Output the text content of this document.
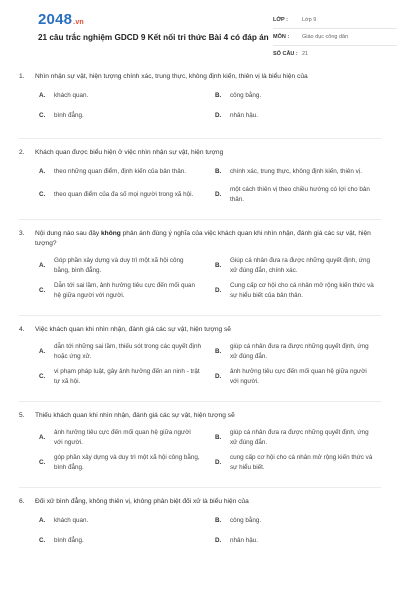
2048.vn
21 câu trắc nghiệm GDCD 9 Kết nối tri thức Bài 4 có đáp án
LỚP :	Lớp 9
MÔN :	Giáo dục công dân
SỐ CÂU : 21
1.	Nhìn nhận sự vật, hiện tượng chính xác, trung thực, không định kiến, thiên vị là biểu hiện của
A.	khách quan.	B.	công bằng.
C.	bình đẳng.	D.	nhân hậu.
2.	Khách quan được biểu hiện ở việc nhìn nhận sự vật, hiện tượng
A.	theo những quan điểm, định kiến của bản thân.	B.	chính xác, trung thực, không định kiến, thiên vị.
C.	theo quan điểm của đa số mọi người trong xã hội.	D.
một cách thiên vị theo chiều hướng có lợi cho bản thân.
3.	Nội dung nào sau đây không phản ánh đúng ý nghĩa của việc khách quan khi nhìn nhận, đánh giá các sự vật, hiện tượng?
A.
Góp phần xây dựng và duy trì một xã hội công bằng, bình đẳng.
B.
Giúp cá nhân đưa ra được những quyết định, ứng xử đúng đắn, chính xác.
C.
Dẫn tới sai lầm, ảnh hưởng tiêu cực đến mối quan hệ giữa người với người.
D.
Cung cấp cơ hội cho cá nhân mở rộng kiến thức và sự hiểu biết của bản thân.
4.	Việc khách quan khi nhìn nhận, đánh giá các sự vật, hiện tượng sẽ
A.
dẫn tới những sai lầm, thiếu sót trong các quyết định hoặc ứng xử.
B.
giúp cá nhân đưa ra được những quyết định, ứng xử đúng đắn.
C.
vi phạm pháp luật, gây ảnh hưởng đến an ninh - trật tự xã hội.
D.
ảnh hưởng tiêu cực đến mối quan hệ giữa người với người.
5.	Thiếu khách quan khi nhìn nhận, đánh giá các sự vật, hiện tượng sẽ
A.
ảnh hưởng tiêu cực đến mối quan hệ giữa người với người.
B.
giúp cá nhân đưa ra được những quyết định, ứng xử đúng đắn.
C.
góp phần xây dựng và duy trì một xã hội công bằng, bình đẳng.
D.
cung cấp cơ hội cho cá nhân mở rộng kiến thức và sự hiểu biết.
6.	Đối xử bình đẳng, không thiên vị, không phân biệt đối xử là biểu hiện của
A.	khách quan.	B.	công bằng.
C.	bình đẳng.	D.	nhân hậu.
